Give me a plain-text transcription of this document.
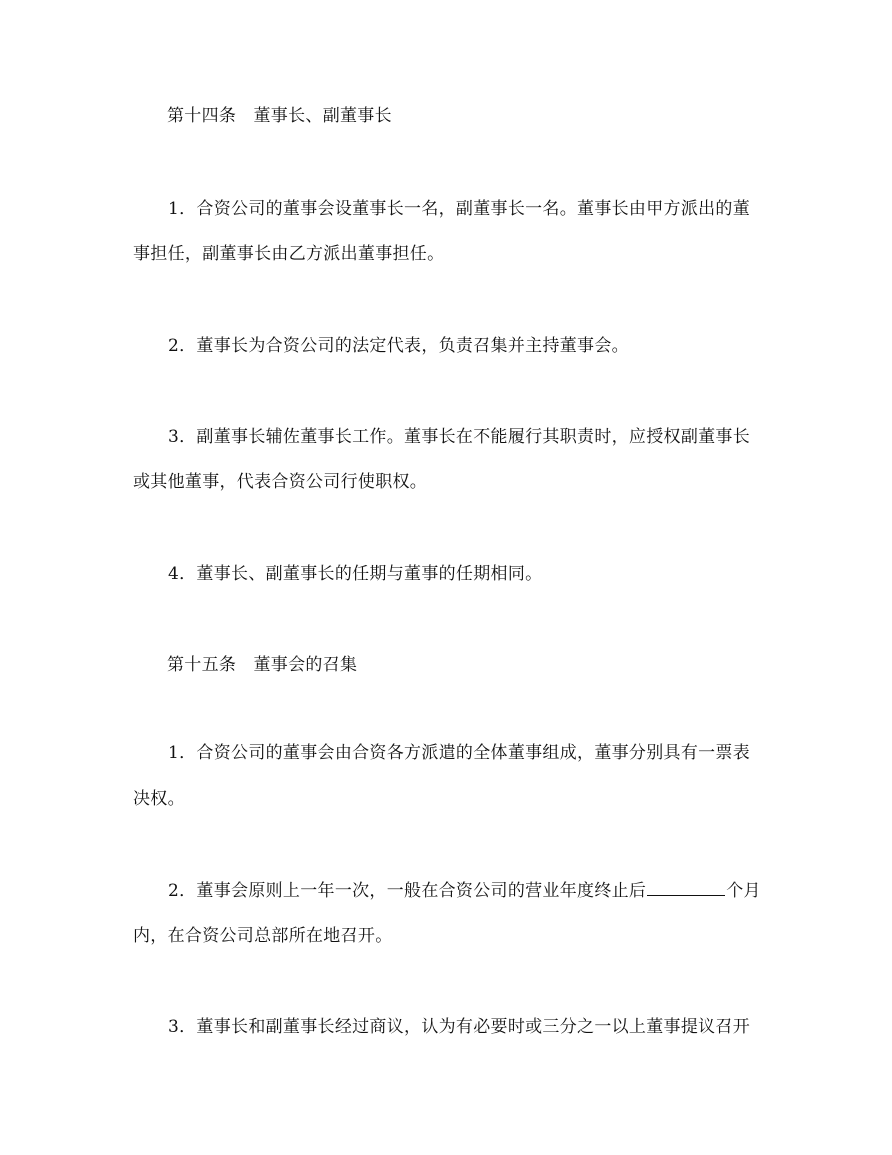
第十四条　董事长、副董事长
1．合资公司的董事会设董事长一名，副董事长一名。董事长由甲方派出的董
事担任，副董事长由乙方派出董事担任。
2．董事长为合资公司的法定代表，负责召集并主持董事会。
3．副董事长辅佐董事长工作。董事长在不能履行其职责时，应授权副董事长
或其他董事，代表合资公司行使职权。
4．董事长、副董事长的任期与董事的任期相同。
第十五条　董事会的召集
1．合资公司的董事会由合资各方派遣的全体董事组成，董事分别具有一票表
决权。
2．董事会原则上一年一次，一般在合资公司的营业年度终止后	个月
内，在合资公司总部所在地召开。
3．董事长和副董事长经过商议，认为有必要时或三分之一以上董事提议召开
